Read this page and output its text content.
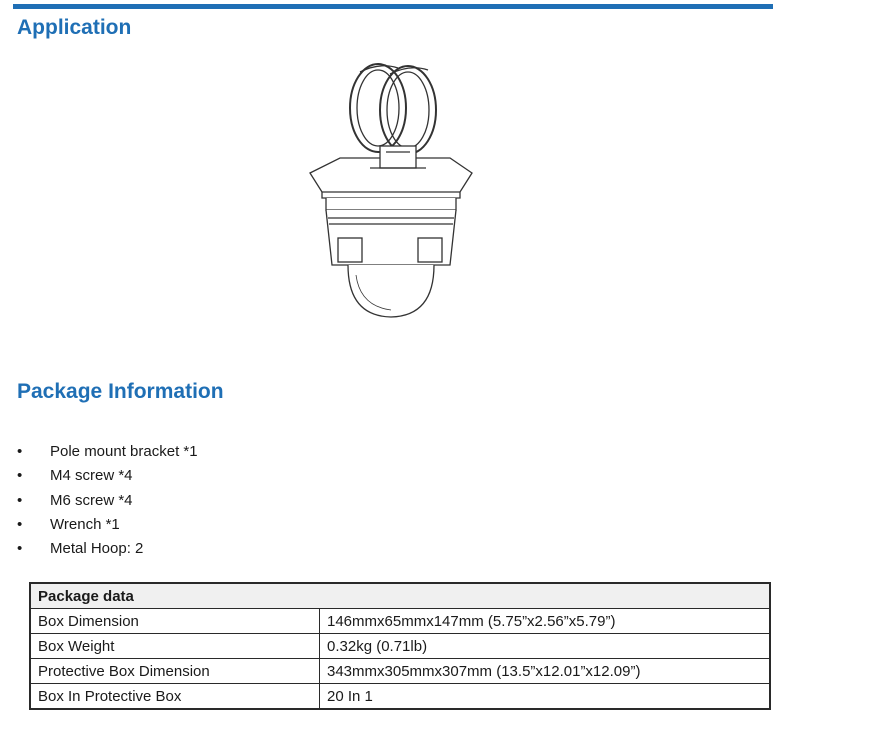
Application
Package Information
•	Pole mount bracket *1
•	M4 screw *4
•	M6 screw *4
•	Wrench *1
•	Metal Hoop: 2
Package data	
Box Dimension	146mmx65mmx147mm (5.75”x2.56”x5.79”)
Box Weight	0.32kg (0.71lb)
Protective Box Dimension	343mmx305mmx307mm (13.5”x12.01”x12.09”)
Box In Protective Box	20 In 1
